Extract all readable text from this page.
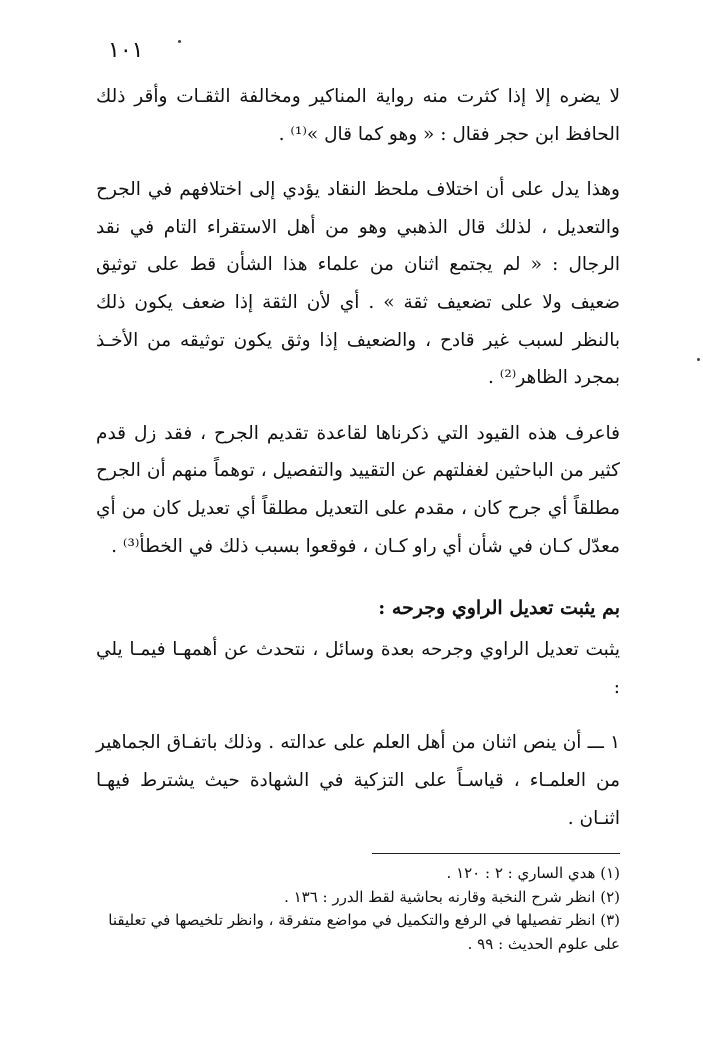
١٠١

لا يضره إلا إذا كثرت منه رواية المناكير ومخالفة الثقـات وأقر ذلك الحافظ ابن حجر فقال : « وهو كما قال »⁽¹⁾ .

وهذا يدل على أن اختلاف ملحظ النقاد يؤدي إلى اختلافهم في الجرح والتعديل ، لذلك قال الذهبي وهو من أهل الاستقراء التام في نقد الرجال : « لم يجتمع اثنان من علماء هذا الشأن قط على توثيق ضعيف ولا على تضعيف ثقة » . أي لأن الثقة إذا ضعف يكون ذلك بالنظر لسبب غير قادح ، والضعيف إذا وثق يكون توثيقه من الأخـذ بمجرد الظاهر⁽²⁾ .

فاعرف هذه القيود التي ذكرناها لقاعدة تقديم الجرح ، فقد زل قدم كثير من الباحثين لغفلتهم عن التقييد والتفصيل ، توهماً منهم أن الجرح مطلقاً أي جرح كان ، مقدم على التعديل مطلقاً أي تعديل كان من أي معدّل كـان في شأن أي راو كـان ، فوقعوا بسبب ذلك في الخطأ⁽³⁾ .

بم يثبت تعديل الراوي وجرحه :

يثبت تعديل الراوي وجرحه بعدة وسائل ، نتحدث عن أهمهـا فيمـا يلي :

١ ـــ أن ينص اثنان من أهل العلم على عدالته . وذلك باتفـاق الجماهير من العلمـاء ، قياسـاً على التزكية في الشهادة حيث يشترط فيهـا اثنـان .

(١) هدي الساري : ٢ : ١٢٠ .

(٢) انظر شرح النخبة وقارنه بحاشية لقط الدرر : ١٣٦ .

(٣) انظر تفصيلها في الرفع والتكميل في مواضع متفرقة ، وانظر تلخيصها في تعليقنا على علوم الحديث : ٩٩ .
